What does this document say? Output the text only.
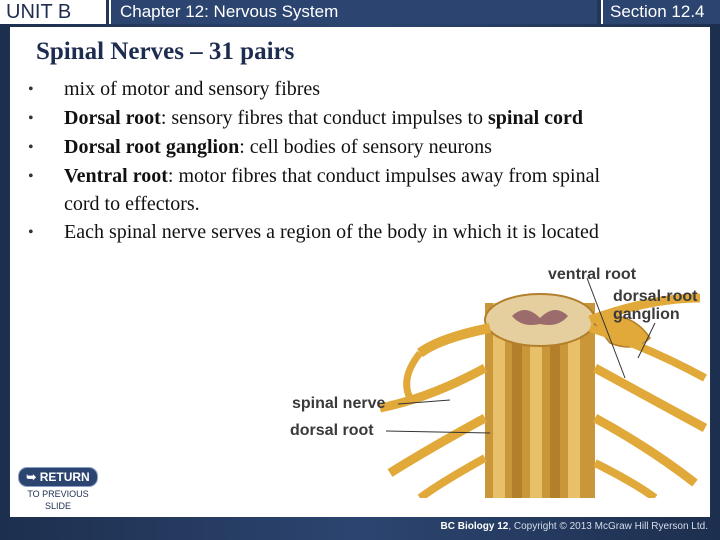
UNIT B	Chapter 12: Nervous System	Section 12.4
Spinal Nerves – 31 pairs
• mix of motor and sensory fibres
• Dorsal root: sensory fibres that conduct impulses to spinal cord
• Dorsal root ganglion: cell bodies of sensory neurons
• Ventral root: motor fibres that conduct impulses away from spinal
cord to effectors.
• Each spinal nerve serves a region of the body in which it is located
ventral root
dorsal-root
ganglion
spinal nerve
dorsal root
➥ RETURN
TO PREVIOUS
SLIDE
BC Biology 12, Copyright © 2013 McGraw Hill Ryerson Ltd.
